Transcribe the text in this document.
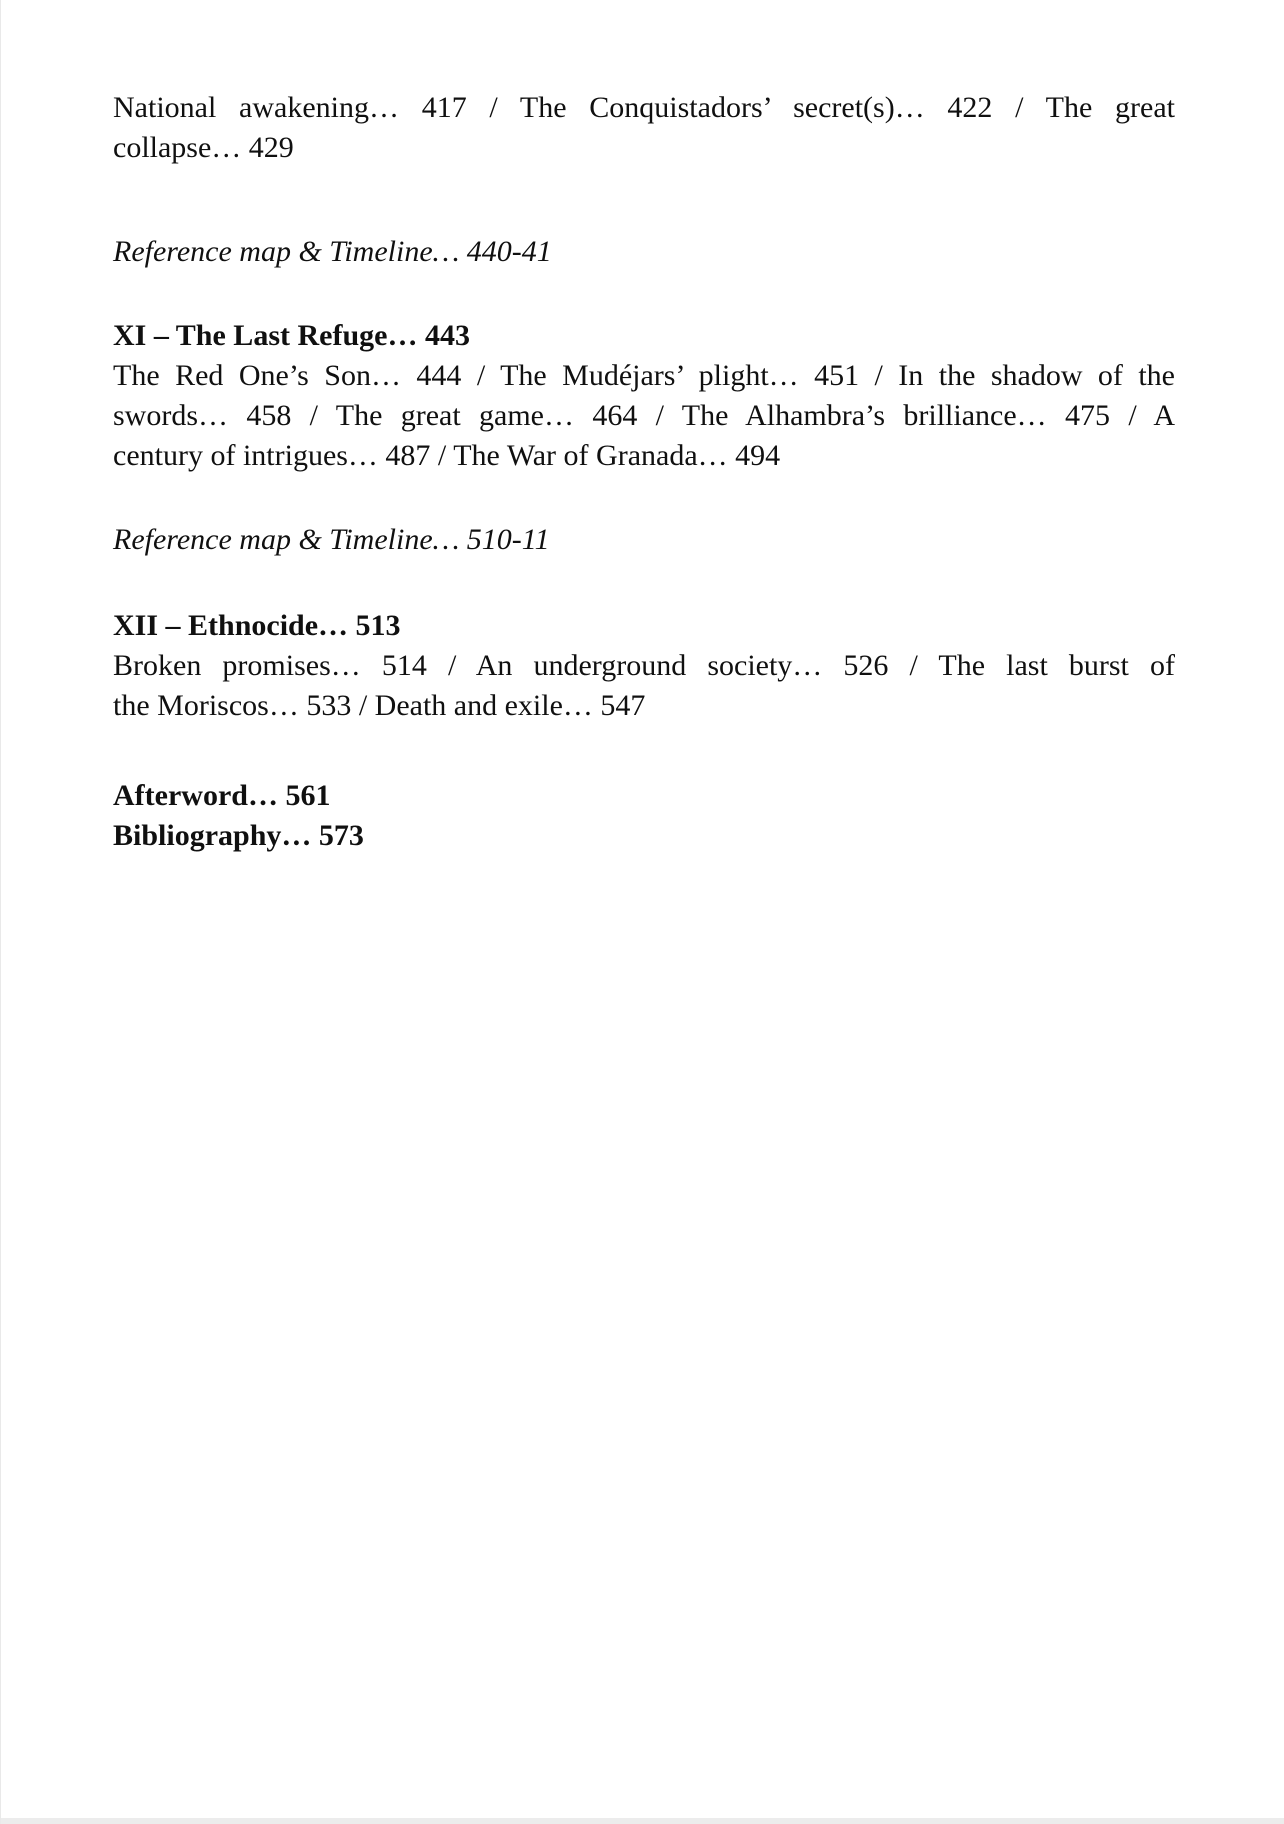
National awakening… 417 / The Conquistadors’ secret(s)… 422 / The great
collapse… 429
Reference map & Timeline… 440-41
XI – The Last Refuge… 443
The Red One’s Son… 444 / The Mudéjars’ plight… 451 / In the shadow of the
swords… 458 / The great game… 464 / The Alhambra’s brilliance… 475 / A
century of intrigues… 487 / The War of Granada… 494
Reference map & Timeline… 510-11
XII – Ethnocide… 513
Broken promises… 514 / An underground society… 526 / The last burst of
the Moriscos… 533 / Death and exile… 547
Afterword… 561
Bibliography… 573
